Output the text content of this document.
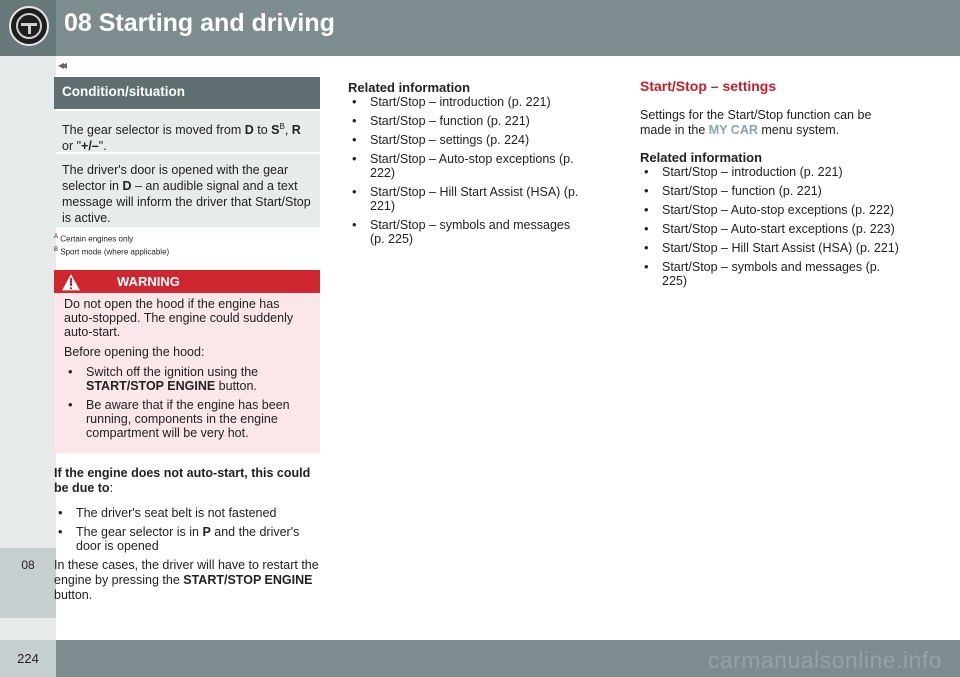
08 Starting and driving
08
◂◂
Condition/situation
The gear selector is moved from D to $S^B$, R or "+/–".
The driver's door is opened with the gear selector in D – an audible signal and a text message will inform the driver that Start/Stop is active.
$^A$ Certain engines only
$^B$ Sport mode (where applicable)
WARNING

Do not open the hood if the engine has auto-stopped. The engine could suddenly auto-start.

Before opening the hood:

• Switch off the ignition using the START/STOP ENGINE button.
• Be aware that if the engine has been running, components in the engine compartment will be very hot.
If the engine does not auto-start, this could be due to:
• The driver's seat belt is not fastened
• The gear selector is in P and the driver's door is opened
In these cases, the driver will have to restart the engine by pressing the START/STOP ENGINE button.
Related information
• Start/Stop – introduction (p. 221)
• Start/Stop – function (p. 221)
• Start/Stop – settings (p. 224)
• Start/Stop – Auto-stop exceptions (p. 222)
• Start/Stop – Hill Start Assist (HSA) (p. 221)
• Start/Stop – symbols and messages (p. 225)
Start/Stop – settings
Settings for the Start/Stop function can be made in the MY CAR menu system.
Related information
• Start/Stop – introduction (p. 221)
• Start/Stop – function (p. 221)
• Start/Stop – Auto-stop exceptions (p. 222)
• Start/Stop – Auto-start exceptions (p. 223)
• Start/Stop – Hill Start Assist (HSA) (p. 221)
• Start/Stop – symbols and messages (p. 225)
224	carmanualsonline.info
